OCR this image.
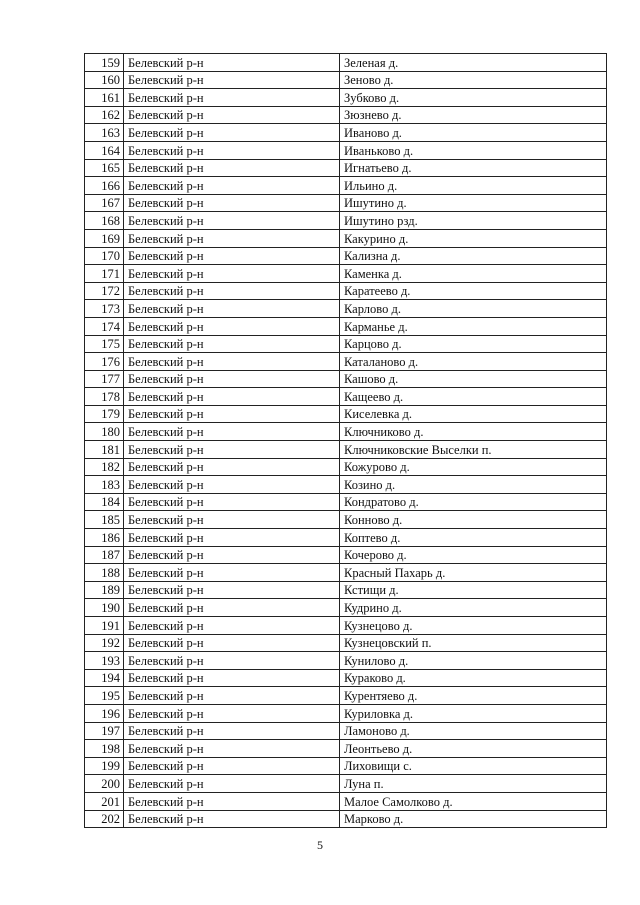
159	Белевский р-н	Зеленая д.
160	Белевский р-н	Зеново д.
161	Белевский р-н	Зубково д.
162	Белевский р-н	Зюзнево д.
163	Белевский р-н	Иваново д.
164	Белевский р-н	Иваньково д.
165	Белевский р-н	Игнатьево д.
166	Белевский р-н	Ильино д.
167	Белевский р-н	Ишутино д.
168	Белевский р-н	Ишутино рзд.
169	Белевский р-н	Какурино д.
170	Белевский р-н	Кализна д.
171	Белевский р-н	Каменка д.
172	Белевский р-н	Каратеево д.
173	Белевский р-н	Карлово д.
174	Белевский р-н	Карманье д.
175	Белевский р-н	Карцово д.
176	Белевский р-н	Каталаново д.
177	Белевский р-н	Кашово д.
178	Белевский р-н	Кащеево д.
179	Белевский р-н	Киселевка д.
180	Белевский р-н	Ключниково д.
181	Белевский р-н	Ключниковские Выселки п.
182	Белевский р-н	Кожурово д.
183	Белевский р-н	Козино д.
184	Белевский р-н	Кондратово д.
185	Белевский р-н	Конново д.
186	Белевский р-н	Коптево д.
187	Белевский р-н	Кочерово д.
188	Белевский р-н	Красный Пахарь д.
189	Белевский р-н	Кстищи д.
190	Белевский р-н	Кудрино д.
191	Белевский р-н	Кузнецово д.
192	Белевский р-н	Кузнецовский п.
193	Белевский р-н	Кунилово д.
194	Белевский р-н	Кураково д.
195	Белевский р-н	Курентяево д.
196	Белевский р-н	Куриловка д.
197	Белевский р-н	Ламоново д.
198	Белевский р-н	Леонтьево д.
199	Белевский р-н	Лиховищи с.
200	Белевский р-н	Луна п.
201	Белевский р-н	Малое Самолково д.
202	Белевский р-н	Марково д.
5
